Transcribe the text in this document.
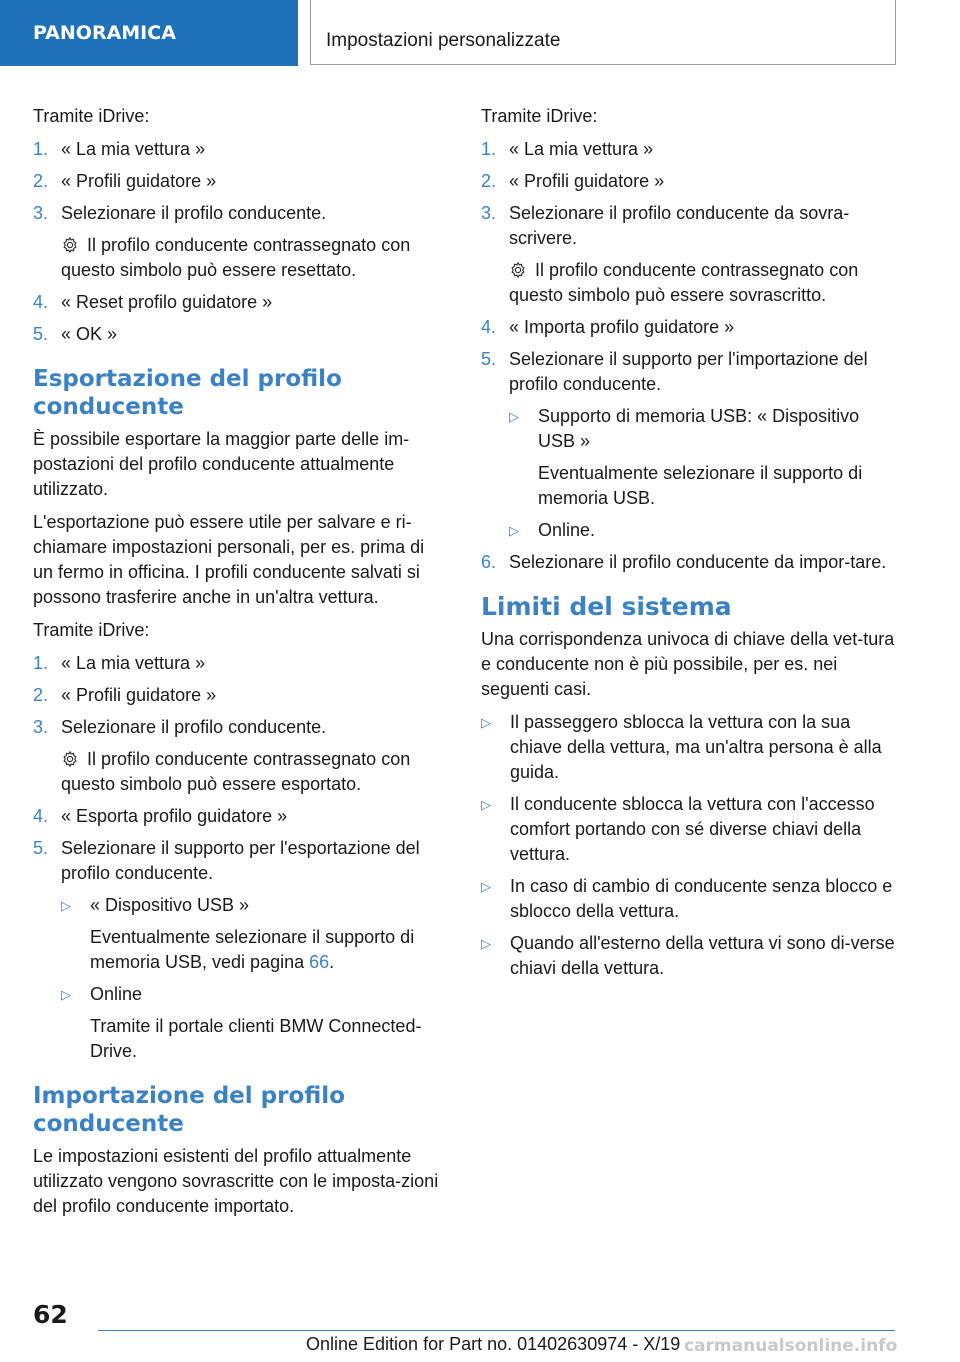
PANORAMICA	Impostazioni personalizzate

Tramite iDrive:

1. « La mia vettura »
2. « Profili guidatore »
3. Selezionare il profilo conducente.
Il profilo conducente contrassegnato con questo simbolo può essere resettato.
4. « Reset profilo guidatore »
5. « OK »
Esportazione del profilo conducente

È possibile esportare la maggior parte delle im-postazioni del profilo conducente attualmente utilizzato.

L'esportazione può essere utile per salvare e ri-chiamare impostazioni personali, per es. prima di un fermo in officina. I profili conducente salvati si possono trasferire anche in un'altra vettura.

Tramite iDrive:

1. « La mia vettura »
2. « Profili guidatore »
3. Selezionare il profilo conducente.
Il profilo conducente contrassegnato con questo simbolo può essere esportato.
4. « Esporta profilo guidatore »
5. Selezionare il supporto per l'esportazione del profilo conducente.
▷ « Dispositivo USB »
Eventualmente selezionare il supporto di memoria USB, vedi pagina 66.
▷ Online
Tramite il portale clienti BMW Connected-Drive.
Importazione del profilo conducente

Le impostazioni esistenti del profilo attualmente utilizzato vengono sovrascritte con le imposta-zioni del profilo conducente importato.

Tramite iDrive:

1. « La mia vettura »
2. « Profili guidatore »
3. Selezionare il profilo conducente da sovra-scrivere.
Il profilo conducente contrassegnato con questo simbolo può essere sovrascritto.
4. « Importa profilo guidatore »
5. Selezionare il supporto per l'importazione del profilo conducente.
▷ Supporto di memoria USB: « Dispositivo USB »
Eventualmente selezionare il supporto di memoria USB.
▷ Online.
6. Selezionare il profilo conducente da impor-tare.
Limiti del sistema

Una corrispondenza univoca di chiave della vet-tura e conducente non è più possibile, per es. nei seguenti casi.

▷ Il passeggero sblocca la vettura con la sua chiave della vettura, ma un'altra persona è alla guida.
▷ Il conducente sblocca la vettura con l'accesso comfort portando con sé diverse chiavi della vettura.
▷ In caso di cambio di conducente senza blocco e sblocco della vettura.
▷ Quando all'esterno della vettura vi sono di-verse chiavi della vettura.
62
Online Edition for Part no. 01402630974 - X/19 carmanualsonline.info
